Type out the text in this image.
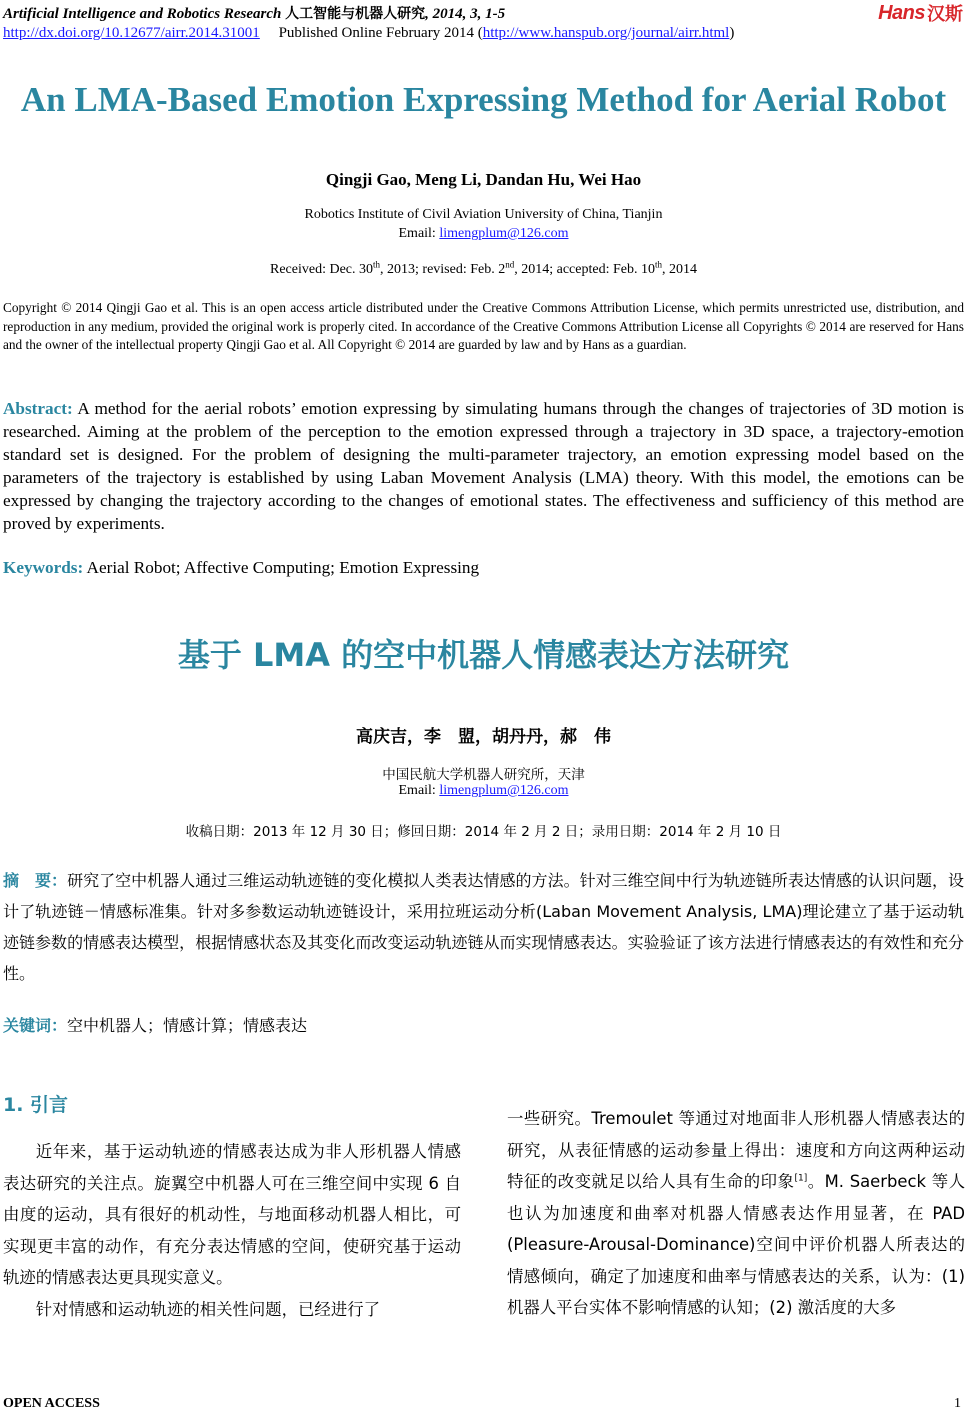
Artificial Intelligence and Robotics Research 人工智能与机器人研究, 2014, 3, 1-5	Hans 汉斯
http://dx.doi.org/10.12677/airr.2014.31001 Published Online February 2014 (http://www.hanspub.org/journal/airr.html)
An LMA-Based Emotion Expressing Method for Aerial Robot
Qingji Gao, Meng Li, Dandan Hu, Wei Hao
Robotics Institute of Civil Aviation University of China, Tianjin
Email: limengplum@126.com
Received: Dec. 30th, 2013; revised: Feb. 2nd, 2014; accepted: Feb. 10th, 2014
Copyright © 2014 Qingji Gao et al. This is an open access article distributed under the Creative Commons Attribution License, which permits unrestricted use, distribution, and reproduction in any medium, provided the original work is properly cited. In accordance of the Creative Commons Attribution License all Copyrights © 2014 are reserved for Hans and the owner of the intellectual property Qingji Gao et al. All Copyright © 2014 are guarded by law and by Hans as a guardian.
Abstract: A method for the aerial robots’ emotion expressing by simulating humans through the changes of trajectories of 3D motion is researched. Aiming at the problem of the perception to the emotion expressed through a trajectory in 3D space, a trajectory-emotion standard set is designed. For the problem of designing the multi-parameter trajectory, an emotion expressing model based on the parameters of the trajectory is established by using Laban Movement Analysis (LMA) theory. With this model, the emotions can be expressed by changing the trajectory according to the changes of emotional states. The effectiveness and sufficiency of this method are proved by experiments.
Keywords: Aerial Robot; Affective Computing; Emotion Expressing
基于 LMA 的空中机器人情感表达方法研究
高庆吉，李　盟，胡丹丹，郝　伟
中国民航大学机器人研究所，天津
Email: limengplum@126.com
收稿日期：2013 年 12 月 30 日；修回日期：2014 年 2 月 2 日；录用日期：2014 年 2 月 10 日
摘　要：研究了空中机器人通过三维运动轨迹链的变化模拟人类表达情感的方法。针对三维空间中行为轨迹链所表达情感的认识问题，设计了轨迹链－情感标准集。针对多参数运动轨迹链设计，采用拉班运动分析(Laban Movement Analysis, LMA)理论建立了基于运动轨迹链参数的情感表达模型，根据情感状态及其变化而改变运动轨迹链从而实现情感表达。实验验证了该方法进行情感表达的有效性和充分性。
关键词：空中机器人；情感计算；情感表达
1. 引言

近年来，基于运动轨迹的情感表达成为非人形机器人情感表达研究的关注点。旋翼空中机器人可在三维空间中实现 6 自由度的运动，具有很好的机动性，与地面移动机器人相比，可实现更丰富的动作，有充分表达情感的空间，使研究基于运动轨迹的情感表达更具现实意义。

针对情感和运动轨迹的相关性问题，已经进行了

一些研究。Tremoulet 等通过对地面非人形机器人情感表达的研究，从表征情感的运动参量上得出：速度和方向这两种运动特征的改变就足以给人具有生命的印象[1]。M. Saerbeck 等人也认为加速度和曲率对机器人情感表达作用显著，在 PAD (Pleasure-Arousal-Dominance)空间中评价机器人所表达的情感倾向，确定了加速度和曲率与情感表达的关系，认为：(1) 机器人平台实体不影响情感的认知；(2) 激活度的大多

OPEN ACCESS	1
